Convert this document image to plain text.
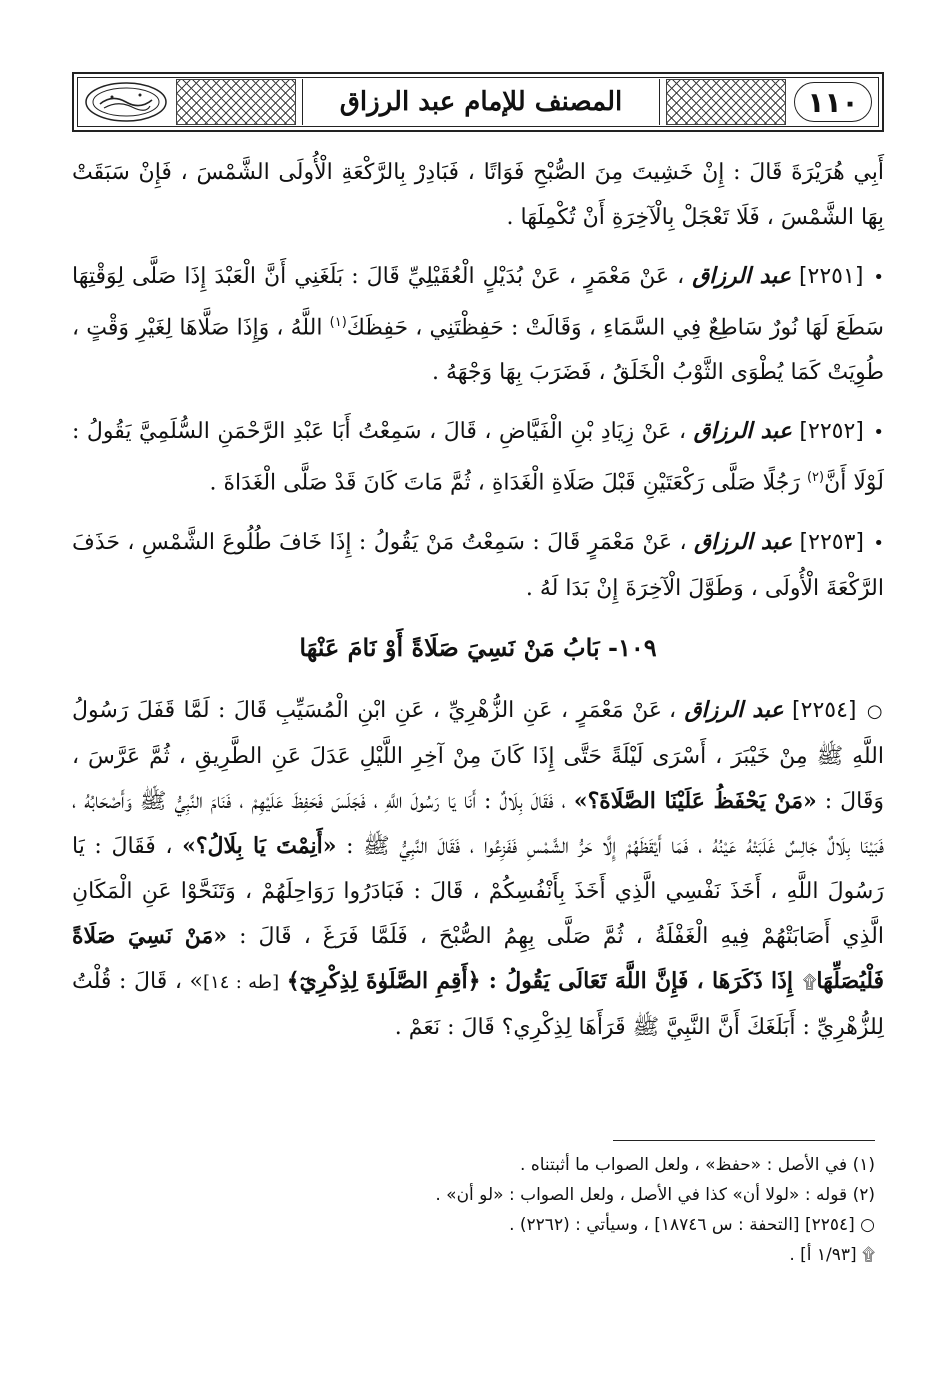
١١٠
المصنف للإمام عبد الرزاق

أَبِي هُرَيْرَةَ قَالَ : إِنْ خَشِيتَ مِنَ الصُّبْحِ فَوَاتًا ، فَبَادِرْ بِالرَّكْعَةِ الْأُولَى الشَّمْسَ ، فَإِنْ سَبَقَتْ بِهَا الشَّمْسَ ، فَلَا تَعْجَلْ بِالْآخِرَةِ أَنْ تُكْمِلَهَا .

• [٢٢٥١] عبد الرزاق ، عَنْ مَعْمَرٍ ، عَنْ بُدَيْلٍ الْعُقَيْلِيِّ قَالَ : بَلَغَنِي أَنَّ الْعَبْدَ إِذَا صَلَّى لِوَقْتِهَا سَطَعَ لَهَا نُورٌ سَاطِعٌ فِي السَّمَاءِ ، وَقَالَتْ : حَفِظْتَنِي ، حَفِظَكَ$^{(١)}$ اللَّهُ ، وَإِذَا صَلَّاهَا لِغَيْرِ وَقْتٍ ، طُوِيَتْ كَمَا يُطْوَى الثَّوْبُ الْخَلَقُ ، فَضَرَبَ بِهَا وَجْهَهُ .

• [٢٢٥٢] عبد الرزاق ، عَنْ زِيَادِ بْنِ الْفَيَّاضِ ، قَالَ ، سَمِعْتُ أَبَا عَبْدِ الرَّحْمَنِ السُّلَمِيَّ يَقُولُ : لَوْلَا أَنَّ$^{(٢)}$ رَجُلًا صَلَّى رَكْعَتَيْنِ قَبْلَ صَلَاةِ الْغَدَاةِ ، ثُمَّ مَاتَ كَانَ قَدْ صَلَّى الْغَدَاةَ .

• [٢٢٥٣] عبد الرزاق ، عَنْ مَعْمَرٍ قَالَ : سَمِعْتُ مَنْ يَقُولُ : إِذَا خَافَ طُلُوعَ الشَّمْسِ ، حَذَفَ الرَّكْعَةَ الْأُولَى ، وَطَوَّلَ الْآخِرَةَ إِنْ بَدَا لَهُ .

١٠٩- بَابُ مَنْ نَسِيَ صَلَاةً أَوْ نَامَ عَنْهَا

○ [٢٢٥٤] عبد الرزاق ، عَنْ مَعْمَرٍ ، عَنِ الزُّهْرِيِّ ، عَنِ ابْنِ الْمُسَيِّبِ قَالَ : لَمَّا قَفَلَ رَسُولُ اللَّهِ ﷺ مِنْ خَيْبَرَ ، أَسْرَى لَيْلَةً حَتَّى إِذَا كَانَ مِنْ آخِرِ اللَّيْلِ عَدَلَ عَنِ الطَّرِيقِ ، ثُمَّ عَرَّسَ ، وَقَالَ : «مَنْ يَحْفَظُ عَلَيْنَا الصَّلَاةَ؟» ، فَقَالَ بِلَالٌ : أَنَا يَا رَسُولَ اللَّهِ ، فَجَلَسَ فَحَفِظَ عَلَيْهِمْ ، فَنَامَ النَّبِيُّ ﷺ وَأَصْحَابُهُ ، فَبَيْنَا بِلَالٌ جَالِسٌ غَلَبَتْهُ عَيْنُهُ ، فَمَا أَيْقَظَهُمْ إِلَّا حَرُّ الشَّمْسِ فَفَزِعُوا ، فَقَالَ النَّبِيُّ ﷺ : «أَنِمْتَ يَا بِلَالُ؟» ، فَقَالَ : يَا رَسُولَ اللَّهِ ، أَخَذَ نَفْسِي الَّذِي أَخَذَ بِأَنْفُسِكُمْ ، قَالَ : فَبَادَرُوا رَوَاحِلَهُمْ ، وَتَنَحَّوْا عَنِ الْمَكَانِ الَّذِي أَصَابَتْهُمْ فِيهِ الْغَفْلَةُ ، ثُمَّ صَلَّى بِهِمُ الصُّبْحَ ، فَلَمَّا فَرَغَ ، قَالَ : «مَنْ نَسِيَ صَلَاةً فَلْيُصَلِّهَا۩ إِذَا ذَكَرَهَا ، فَإِنَّ اللَّهَ تَعَالَى يَقُولُ : ﴿أَقِمِ الصَّلَوٰةَ لِذِكْرِيٓ﴾ [طه : ١٤]» ، قَالَ : قُلْتُ لِلزُّهْرِيِّ : أَبَلَغَكَ أَنَّ النَّبِيَّ ﷺ قَرَأَهَا لِذِكْرِي؟ قَالَ : نَعَمْ .

(١) في الأصل : «حفظ» ، ولعل الصواب ما أثبتناه .
(٢) قوله : «لولا أن» كذا في الأصل ، ولعل الصواب : «لو أن» .
○ [٢٢٥٤] [التحفة : س ١٨٧٤٦] ، وسيأتي : (٢٢٦٢) .
۩ [١/٩٣ أ] .
